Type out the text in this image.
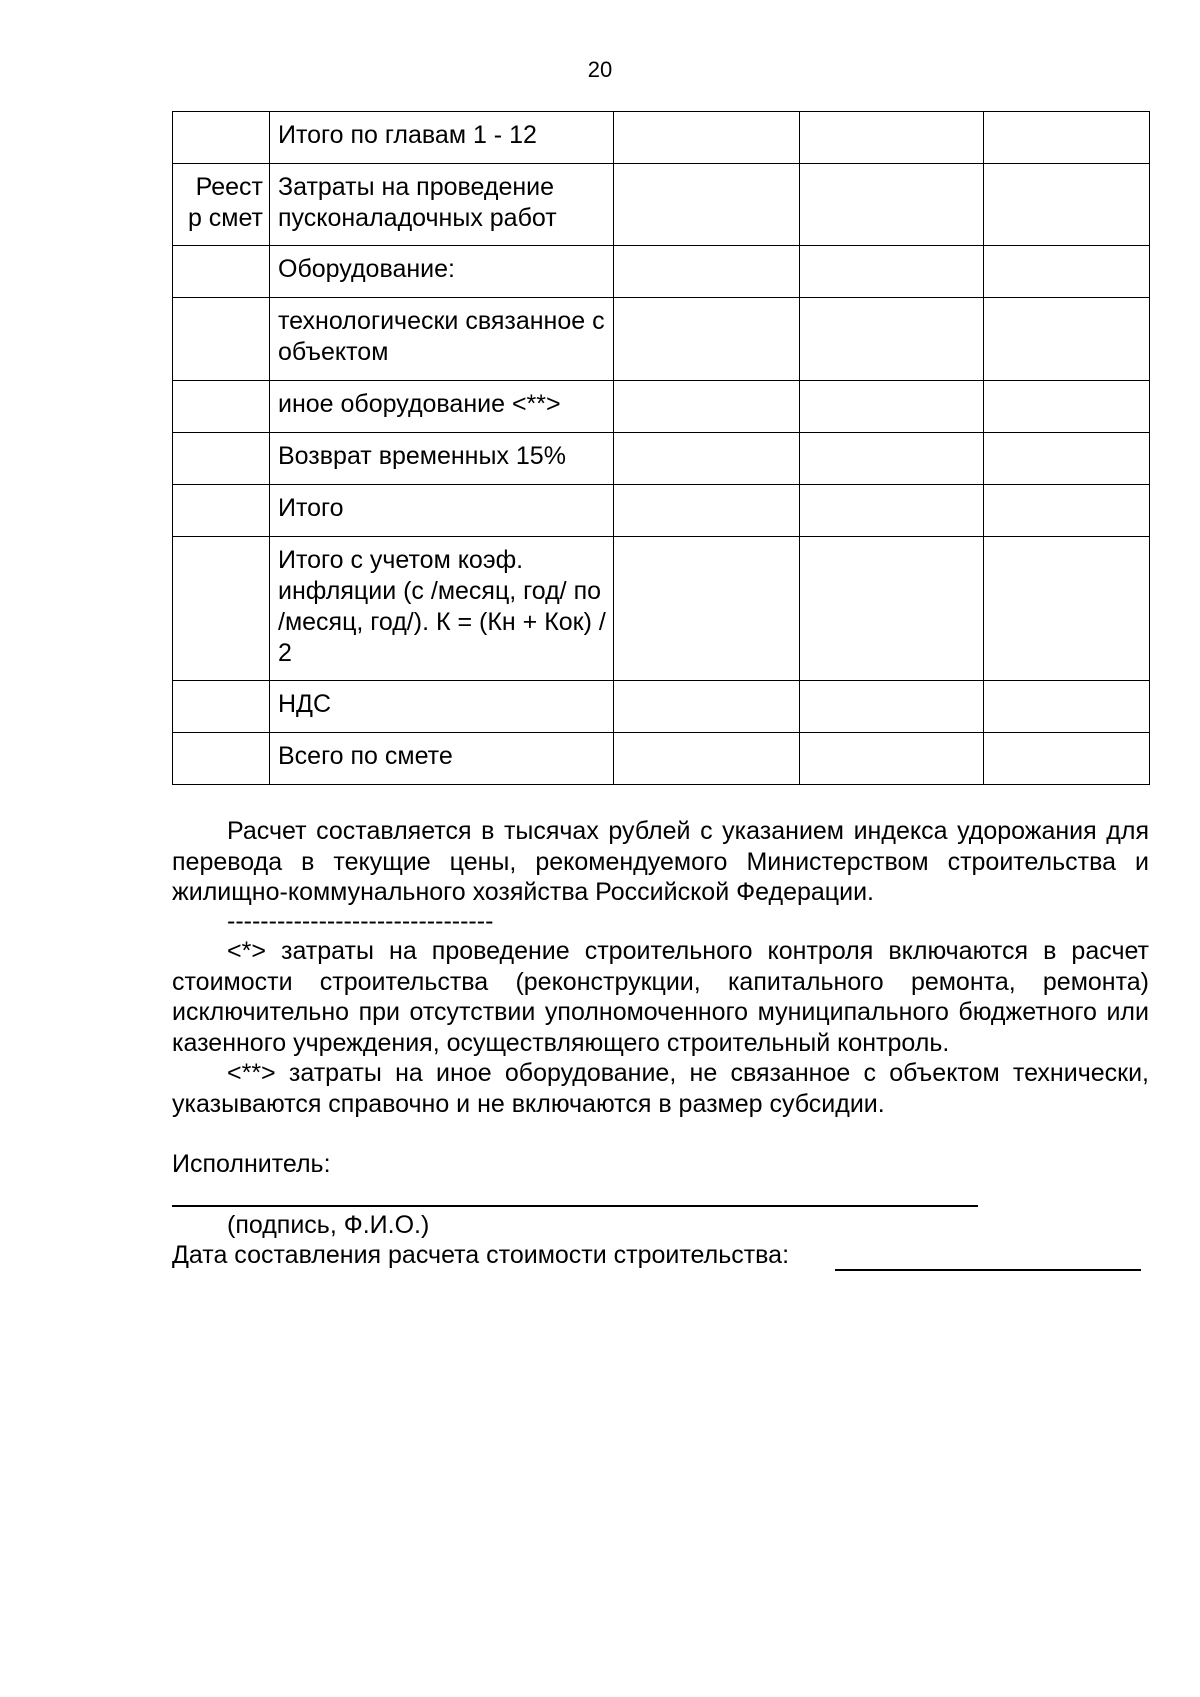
20
	Итого по главам 1 - 12			
Реест р смет	Затраты на проведение пусконаладочных работ			
	Оборудование:			
	технологически связанное с объектом			
	иное оборудование <**>			
	Возврат временных 15%			
	Итого			
	Итого с учетом коэф. инфляции (с /месяц, год/ по /месяц, год/). К = (Кн + Кок) / 2			
	НДС			
	Всего по смете			
Расчет составляется в тысячах рублей с указанием индекса удорожания для перевода в текущие цены, рекомендуемого Министерством строительства и жилищно-коммунального хозяйства Российской Федерации.
--------------------------------
<*> затраты на проведение строительного контроля включаются в расчет стоимости строительства (реконструкции, капитального ремонта, ремонта) исключительно при отсутствии уполномоченного муниципального бюджетного или казенного учреждения, осуществляющего строительный контроль.
<**> затраты на иное оборудование, не связанное с объектом технически, указываются справочно и не включаются в размер субсидии.
Исполнитель:
(подпись, Ф.И.О.)
Дата составления расчета стоимости строительства:
